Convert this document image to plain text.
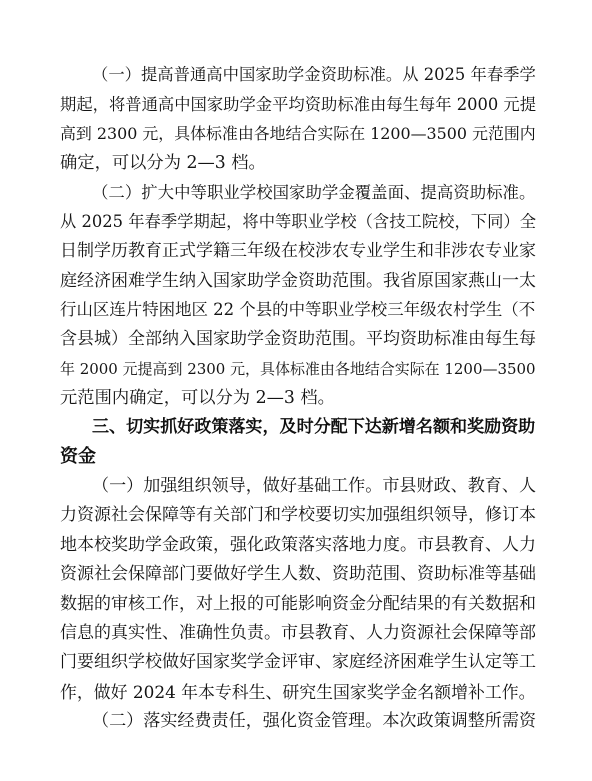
（一）提高普通高中国家助学金资助标准。从 2025 年春季学
期起，将普通高中国家助学金平均资助标准由每生每年 2000 元提
高到 2300 元，具体标准由各地结合实际在 1200—3500 元范围内
确定，可以分为 2—3 档。
（二）扩大中等职业学校国家助学金覆盖面、提高资助标准。
从 2025 年春季学期起，将中等职业学校（含技工院校，下同）全
日制学历教育正式学籍三年级在校涉农专业学生和非涉农专业家
庭经济困难学生纳入国家助学金资助范围。我省原国家燕山一太
行山区连片特困地区 22 个县的中等职业学校三年级农村学生（不
含县城）全部纳入国家助学金资助范围。平均资助标准由每生每
年 2000 元提高到 2300 元，具体标准由各地结合实际在 1200—3500
元范围内确定，可以分为 2—3 档。
三、切实抓好政策落实，及时分配下达新增名额和奖励资助
资金
（一）加强组织领导，做好基础工作。市县财政、教育、人
力资源社会保障等有关部门和学校要切实加强组织领导，修订本
地本校奖助学金政策，强化政策落实落地力度。市县教育、人力
资源社会保障部门要做好学生人数、资助范围、资助标准等基础
数据的审核工作，对上报的可能影响资金分配结果的有关数据和
信息的真实性、准确性负责。市县教育、人力资源社会保障等部
门要组织学校做好国家奖学金评审、家庭经济困难学生认定等工
作，做好 2024 年本专科生、研究生国家奖学金名额增补工作。
（二）落实经费责任，强化资金管理。本次政策调整所需资
